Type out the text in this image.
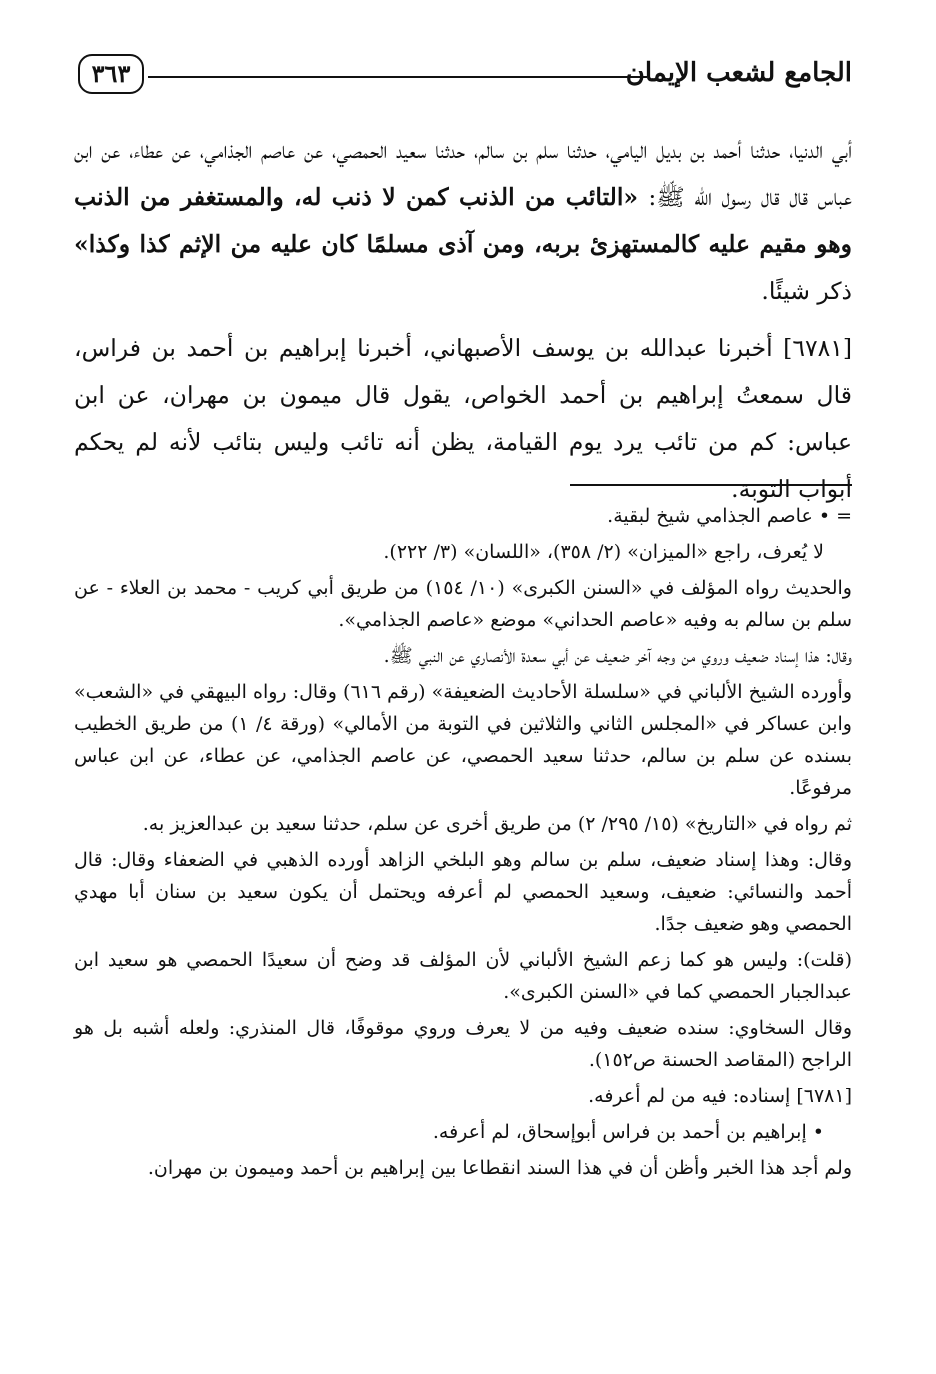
الجامع لشعب الإيمان
٣٦٣

أبي الدنيا، حدثنا أحمد بن بديل اليامي، حدثنا سلم بن سالم، حدثنا سعيد الحمصي، عن عاصم الجذامي، عن عطاء، عن ابن عباس قال قال رسول الله ﷺ: «التائب من الذنب كمن لا ذنب له، والمستغفر من الذنب وهو مقيم عليه كالمستهزئ بربه، ومن آذى مسلمًا كان عليه من الإثم كذا وكذا» ذكر شيئًا.

[٦٧٨١] أخبرنا عبدالله بن يوسف الأصبهاني، أخبرنا إبراهيم بن أحمد بن فراس، قال سمعتُ إبراهيم بن أحمد الخواص، يقول قال ميمون بن مهران، عن ابن عباس: كم من تائب يرد يوم القيامة، يظن أنه تائب وليس بتائب لأنه لم يحكم أبواب التوبة.

= • عاصم الجذامي شيخ لبقية.

لا يُعرف، راجع «الميزان» (٢/ ٣٥٨)، «اللسان» (٣/ ٢٢٢).

والحديث رواه المؤلف في «السنن الكبرى» (١٠/ ١٥٤) من طريق أبي كريب - محمد بن العلاء - عن سلم بن سالم به وفيه «عاصم الحداني» موضع «عاصم الجذامي».

وقال: هذا إسناد ضعيف وروي من وجه آخر ضعيف عن أبي سعدة الأنصاري عن النبي ﷺ.

وأورده الشيخ الألباني في «سلسلة الأحاديث الضعيفة» (رقم ٦١٦) وقال: رواه البيهقي في «الشعب» وابن عساكر في «المجلس الثاني والثلاثين في التوبة من الأمالي» (ورقة ٤/ ١) من طريق الخطيب بسنده عن سلم بن سالم، حدثنا سعيد الحمصي، عن عاصم الجذامي، عن عطاء، عن ابن عباس مرفوعًا.

ثم رواه في «التاريخ» (١٥/ ٢٩٥/ ٢) من طريق أخرى عن سلم، حدثنا سعيد بن عبدالعزيز به.

وقال: وهذا إسناد ضعيف، سلم بن سالم وهو البلخي الزاهد أورده الذهبي في الضعفاء وقال: قال أحمد والنسائي: ضعيف، وسعيد الحمصي لم أعرفه ويحتمل أن يكون سعيد بن سنان أبا مهدي الحمصي وهو ضعيف جدًا.

(قلت): وليس هو كما زعم الشيخ الألباني لأن المؤلف قد وضح أن سعيدًا الحمصي هو سعيد ابن عبدالجبار الحمصي كما في «السنن الكبرى».

وقال السخاوي: سنده ضعيف وفيه من لا يعرف وروي موقوفًا، قال المنذري: ولعله أشبه بل هو الراجح (المقاصد الحسنة ص١٥٢).

[٦٧٨١] إسناده: فيه من لم أعرفه.

• إبراهيم بن أحمد بن فراس أبوإسحاق، لم أعرفه.

ولم أجد هذا الخبر وأظن أن في هذا السند انقطاعا بين إبراهيم بن أحمد وميمون بن مهران.
